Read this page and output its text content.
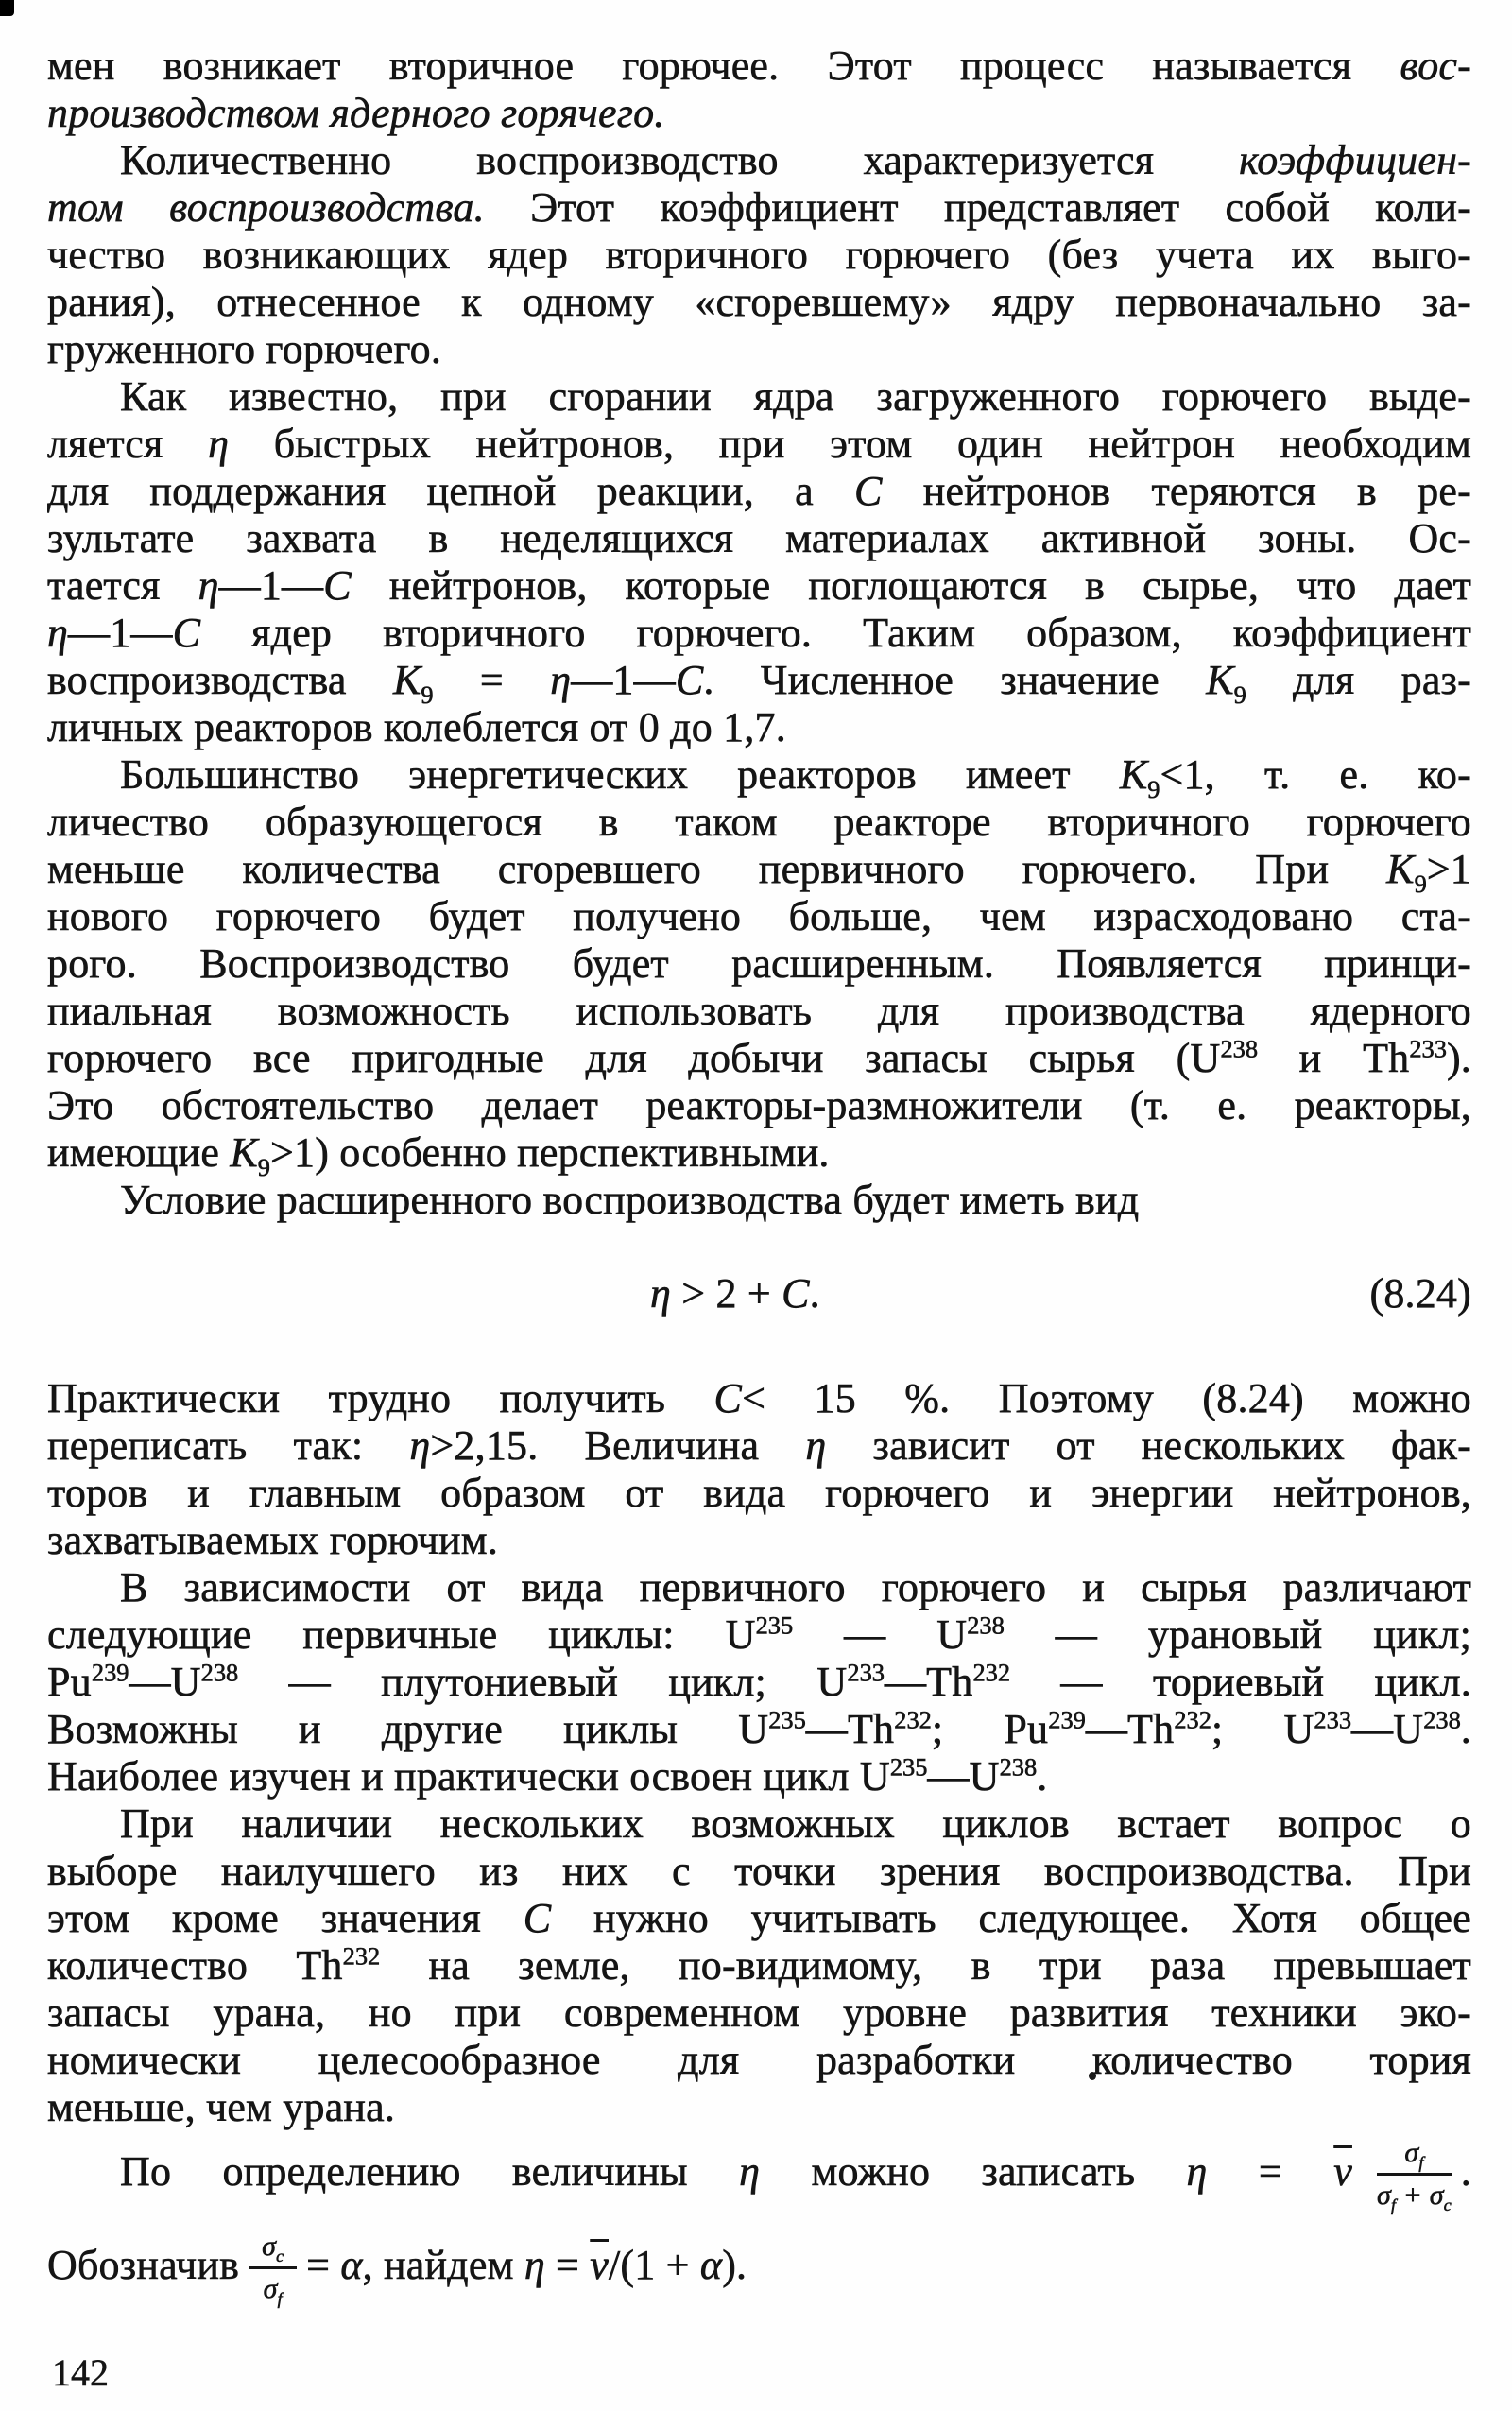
мен возникает вторичное горючее. Этот процесс называется вос-
производством ядерного горячего.
Количественно воспроизводство характеризуется коэффициен-
том воспроизводства. Этот коэффициент представляет собой коли-
чество возникающих ядер вторичного горючего (без учета их выго-
рания), отнесенное к одному «сгоревшему» ядру первоначально за-
груженного горючего.
Как известно, при сгорании ядра загруженного горючего выде-
ляется η быстрых нейтронов, при этом один нейтрон необходим
для поддержания цепной реакции, а С нейтронов теряются в ре-
зультате захвата в неделящихся материалах активной зоны. Ос-
тается η—1—С нейтронов, которые поглощаются в сырье, что дает
η—1—С ядер вторичного горючего. Таким образом, коэффициент
воспроизводства $К_9$ = η—1—С. Численное значение $К_9$ для раз-
личных реакторов колеблется от 0 до 1,7.
Большинство энергетических реакторов имеет $К_9<1$, т. е. ко-
личество образующегося в таком реакторе вторичного горючего
меньше количества сгоревшего первичного горючего. При $К_9>1$
нового горючего будет получено больше, чем израсходовано ста-
рого. Воспроизводство будет расширенным. Появляется принци-
пиальная возможность использовать для производства ядерного
горючего все пригодные для добычи запасы сырья ($U^{238}$ и Th$^{233}$).
Это обстоятельство делает реакторы-размножители (т. е. реакторы,
имеющие $К_9>1$) особенно перспективными.
Условие расширенного воспроизводства будет иметь вид
η > 2 + С.	(8.24)
Практически трудно получить С< 15 %. Поэтому (8.24) можно
переписать так: η>2,15. Величина η зависит от нескольких фак-
торов и главным образом от вида горючего и энергии нейтронов,
захватываемых горючим.
В зависимости от вида первичного горючего и сырья различают
следующие первичные циклы: $U^{235}$ — $U^{238}$ — урановый цикл;
$Pu^{239}—U^{238}$ — плутониевый цикл; $U^{233}—Th^{232}$ — ториевый цикл.
Возможны и другие циклы $U^{235}—Th^{232}$; Pu$^{239}$—Th$^{232}$; $U^{233}—U^{238}$.
Наиболее изучен и практически освоен цикл $U^{235}—U^{238}$.
При наличии нескольких возможных циклов встает вопрос о
выборе наилучшего из них с точки зрения воспроизводства. При
этом кроме значения С нужно учитывать следующее. Хотя общее
количество Th$^{232}$ на земле, по-видимому, в три раза превышает
запасы урана, но при современном уровне развития техники эко-
номически целесообразное для разработки количество тория
меньше, чем урана.
По определению величины η можно записать $\eta = \overline{\nu} \frac{\sigma_f}{\sigma_f + \sigma_c}$ .
Обозначив $\frac{\sigma_c}{\sigma_f} = \alpha$, найдем $\eta = \overline{\nu}/(1 + \alpha)$.
142
